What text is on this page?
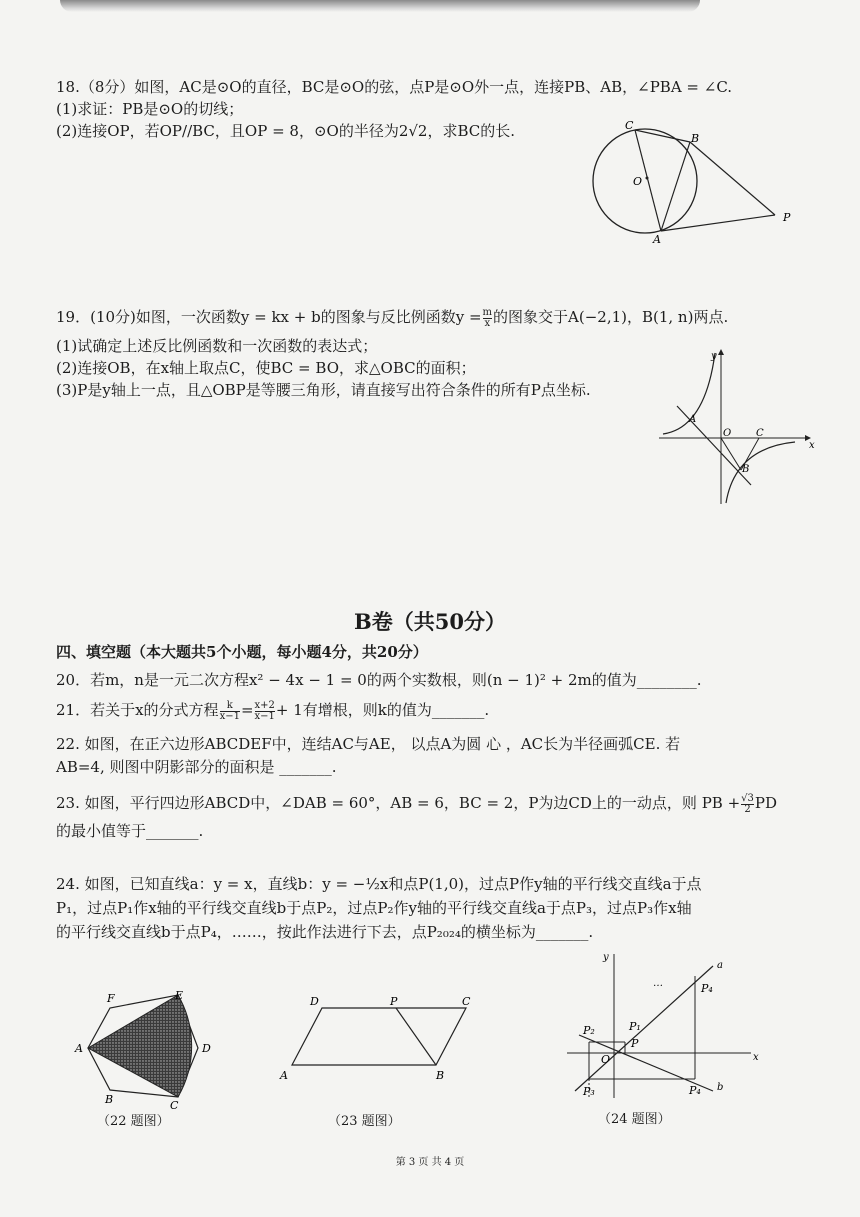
18.（8分）如图，AC是⊙O的直径，BC是⊙O的弦，点P是⊙O外一点，连接PB、AB，∠PBA = ∠C.
(1)求证：PB是⊙O的切线；
(2)连接OP，若OP//BC，且OP = 8，⊙O的半径为2√2，求BC的长.	C
B
O
A
P
19．(10分)如图，一次函数y = kx + b的图象与反比例函数$y = \frac{m}{x}$ 的图象交于A(−2,1)，B(1, n)两点.
(1)试确定上述反比例函数和一次函数的表达式；
(2)连接OB，在x轴上取点C，使BC = BO，求△OBC的面积；
(3)P是y轴上一点，且△OBP是等腰三角形，请直接写出符合条件的所有P点坐标.
y
x
A
O C
B
B卷（共50分）
四、填空题（本大题共5个小题，每小题4分，共20分）
20．若m，n是一元二次方程x² − 4x − 1 = 0的两个实数根，则(n − 1)² + 2m的值为________.
21．若关于x的分式方程 $\frac{k}{x-1} = \frac{x+2}{x-1} + 1$有增根，则k的值为_______.
22. 如图，在正六边形ABCDEF中，连结AC与AE， 以点A为圆 心 ，AC长为半径画弧CE. 若
AB=4, 则图中阴影部分的面积是 _______.
23. 如图，平行四边形ABCD中，∠DAB = 60°，AB = 6，BC = 2，P为边CD上的一动点，则 PB + $\frac{√3}{2}$ PD
的最小值等于_______.
24. 如图，已知直线a：y = x，直线b：y = −½x和点P(1,0)，过点P作y轴的平行线交直线a于点
P₁，过点P₁作x轴的平行线交直线b于点P₂，过点P₂作y轴的平行线交直线a于点P₃，过点P₃作x轴
的平行线交直线b于点P₄，……，按此作法进行下去，点P₂₀₂₄的横坐标为_______.
F	E
A	D
B	C
（22 题图）
D	P	C
A	B
（23 题图）
y
a
…	P₄
P₂	P₁
P
O	x
P₃	P₄ b
（24 题图）
第 3 页 共 4 页
